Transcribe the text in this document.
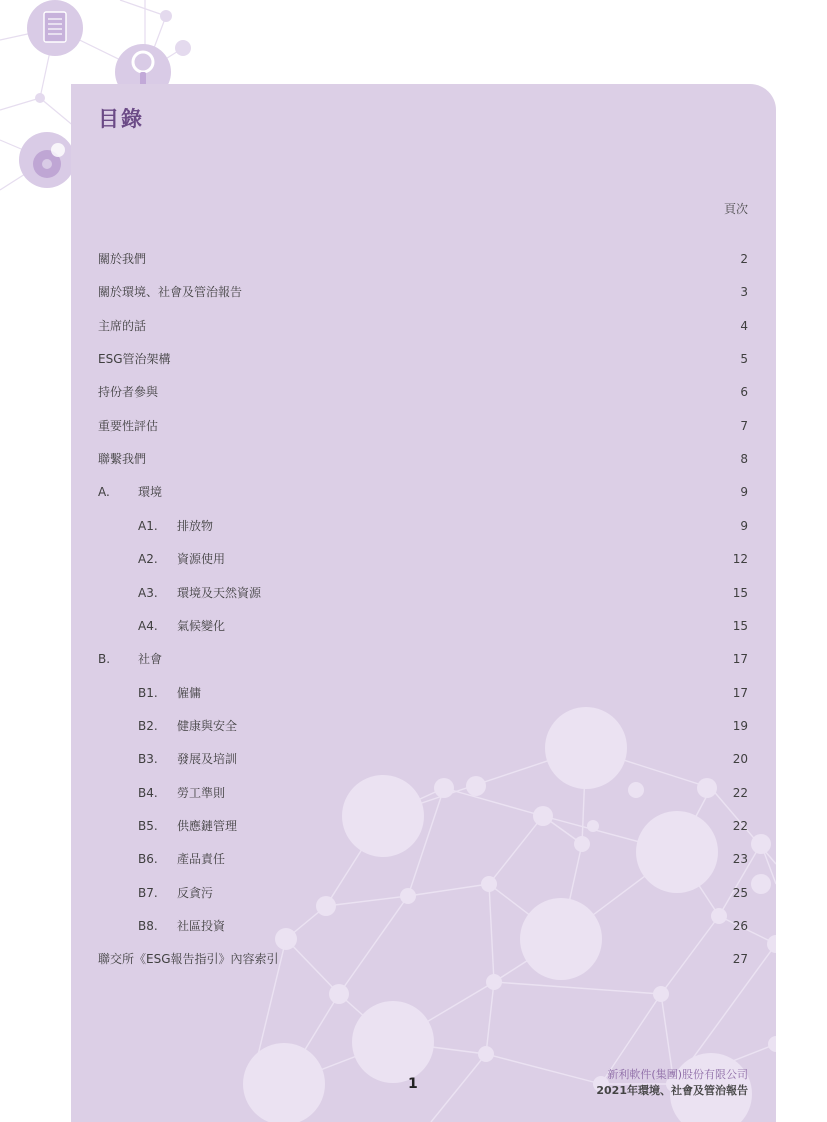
目錄
頁次
關於我們	2
關於環境、社會及管治報告	3
主席的話	4
ESG管治架構	5
持份者參與	6
重要性評估	7
聯繫我們	8
A. 環境	9
A1. 排放物	9
A2. 資源使用	12
A3. 環境及天然資源	15
A4. 氣候變化	15
B. 社會	17
B1. 僱傭	17
B2. 健康與安全	19
B3. 發展及培訓	20
B4. 勞工準則	22
B5. 供應鏈管理	22
B6. 產品責任	23
B7. 反貪污	25
B8. 社區投資	26
聯交所《ESG報告指引》內容索引	27
1
新利軟件(集團)股份有限公司
2021年環境、社會及管治報告
